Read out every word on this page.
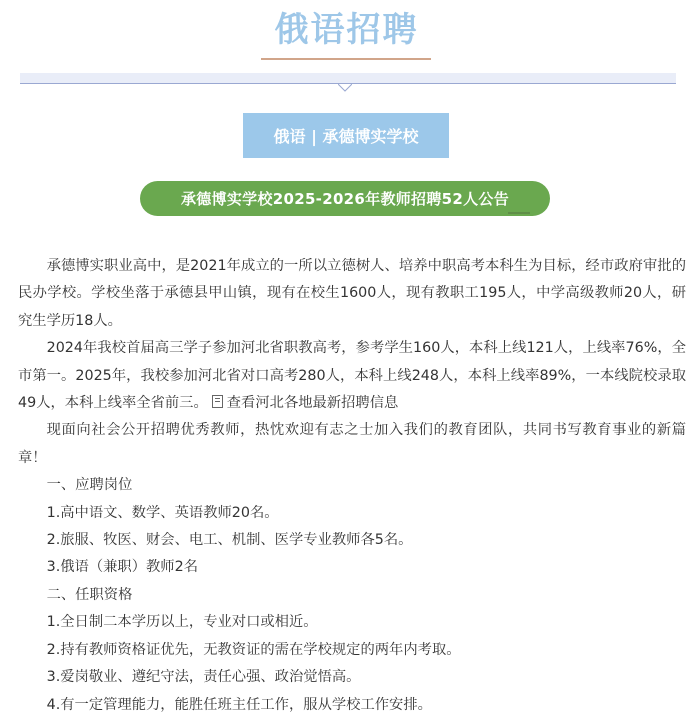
俄语招聘
俄语 | 承德博实学校
承德博实学校2025-2026年教师招聘52人公告

承德博实职业高中，是2021年成立的一所以立德树人、培养中职高考本科生为目标，经市政府审批的民办学校。学校坐落于承德县甲山镇，现有在校生1600人，现有教职工195人，中学高级教师20人，研究生学历18人。

2024年我校首届高三学子参加河北省职教高考，参考学生160人，本科上线121人，上线率76%，全市第一。2025年，我校参加河北省对口高考280人，本科上线248人，本科上线率89%，一本线院校录取49人，本科上线率全省前三。 查看河北各地最新招聘信息

现面向社会公开招聘优秀教师，热忱欢迎有志之士加入我们的教育团队，共同书写教育事业的新篇章！

一、应聘岗位

1.高中语文、数学、英语教师20名。

2.旅服、牧医、财会、电工、机制、医学专业教师各5名。

3.俄语（兼职）教师2名

二、任职资格

1.全日制二本学历以上，专业对口或相近。

2.持有教师资格证优先，无教资证的需在学校规定的两年内考取。

3.爱岗敬业、遵纪守法，责任心强、政治觉悟高。

4.有一定管理能力，能胜任班主任工作，服从学校工作安排。
